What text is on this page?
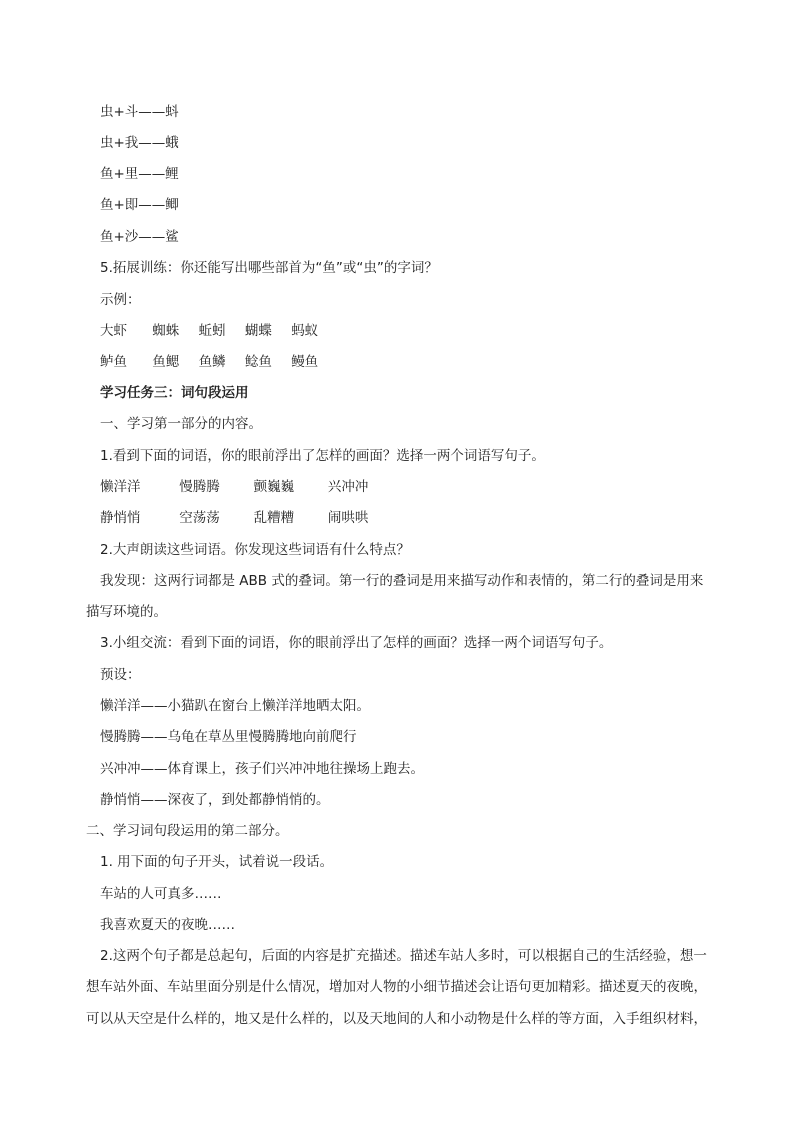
虫+斗——蚪
虫+我——蛾
鱼+里——鲤
鱼+即——鲫
鱼+沙——鲨
5.拓展训练：你还能写出哪些部首为“鱼”或“虫”的字词？
示例：
大虾 蜘蛛 蚯蚓 蝴蝶 蚂蚁
鲈鱼 鱼鳃 鱼鳞 鲶鱼 鳗鱼
学习任务三：词句段运用
一、学习第一部分的内容。
1.看到下面的词语，你的眼前浮出了怎样的画面？选择一两个词语写句子。
懒洋洋	慢腾腾	颤巍巍	兴冲冲
静悄悄	空荡荡	乱糟糟	闹哄哄
2.大声朗读这些词语。你发现这些词语有什么特点？
我发现：这两行词都是 ABB 式的叠词。第一行的叠词是用来描写动作和表情的，第二行的叠词是用来
描写环境的。
3.小组交流：看到下面的词语，你的眼前浮出了怎样的画面？选择一两个词语写句子。
预设：
懒洋洋——小猫趴在窗台上懒洋洋地晒太阳。
慢腾腾——乌龟在草丛里慢腾腾地向前爬行
兴冲冲——体育课上，孩子们兴冲冲地往操场上跑去。
静悄悄——深夜了，到处都静悄悄的。
二、学习词句段运用的第二部分。
1. 用下面的句子开头，试着说一段话。
车站的人可真多……
我喜欢夏天的夜晚……
2.这两个句子都是总起句，后面的内容是扩充描述。描述车站人多时，可以根据自己的生活经验，想一
想车站外面、车站里面分别是什么情况，增加对人物的小细节描述会让语句更加精彩。描述夏天的夜晚，
可以从天空是什么样的，地又是什么样的，以及天地间的人和小动物是什么样的等方面，入手组织材料，
